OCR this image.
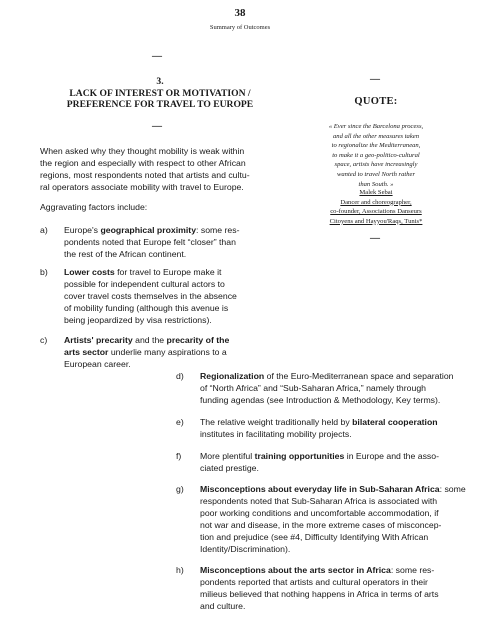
38
Summary of Outcomes
—
3.
LACK OF INTEREST OR MOTIVATION /
PREFERENCE FOR TRAVEL TO EUROPE
—
When asked why they thought mobility is weak within
the region and especially with respect to other African
regions, most respondents noted that artists and cultu-
ral operators associate mobility with travel to Europe.
Aggravating factors include:
a) Europe's geographical proximity: some res-
pondents noted that Europe felt “closer” than
the rest of the African continent.
b) Lower costs for travel to Europe make it
possible for independent cultural actors to
cover travel costs themselves in the absence
of mobility funding (although this avenue is
being jeopardized by visa restrictions).
c) Artists' precarity and the precarity of the
arts sector underlie many aspirations to a
European career.
d) Regionalization of the Euro-Mediterranean space and separation
of “North Africa” and “Sub-Saharan Africa,” namely through
funding agendas (see Introduction & Methodology, Key terms).
e) The relative weight traditionally held by bilateral cooperation
institutes in facilitating mobility projects.
f) More plentiful training opportunities in Europe and the asso-
ciated prestige.
g) Misconceptions about everyday life in Sub-Saharan Africa: some
respondents noted that Sub-Saharan Africa is associated with
poor working conditions and uncomfortable accommodation, if
not war and disease, in the more extreme cases of misconcep-
tion and prejudice (see #4, Difficulty Identifying With African
Identity/Discrimination).
h) Misconceptions about the arts sector in Africa: some res-
pondents reported that artists and cultural operators in their
milieus believed that nothing happens in Africa in terms of arts
and culture.
—
QUOTE:
« Ever since the Barcelona process,
and all the other measures taken
to regionalize the Mediterranean,
to make it a geo-politico-cultural
space, artists have increasingly
wanted to travel North rather
than South. »
Malek Sebai
Dancer and choreographer,
co-founder, Associations Danseurs
Citoyens and Hayyou'Raqs, Tunis*
—
